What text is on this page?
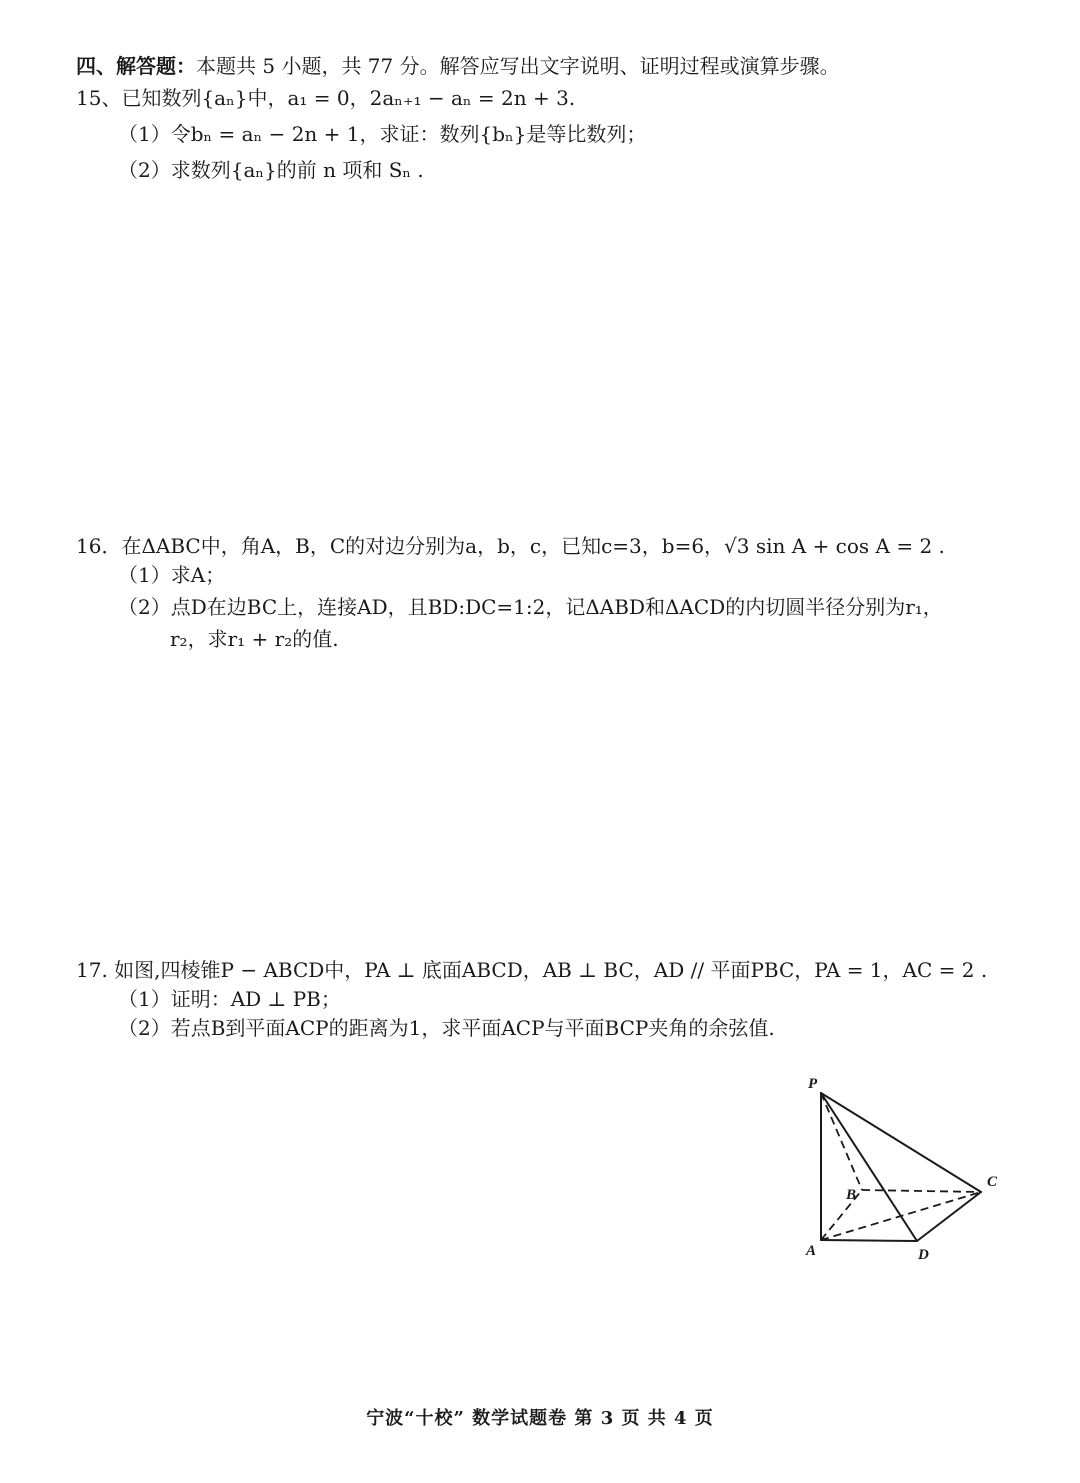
四、解答题：本题共 5 小题，共 77 分。解答应写出文字说明、证明过程或演算步骤。
15、已知数列{aₙ}中，a₁ = 0，2aₙ₊₁ − aₙ = 2n + 3.
（1）令bₙ = aₙ − 2n + 1，求证：数列{bₙ}是等比数列；
（2）求数列{aₙ}的前 n 项和 Sₙ .
16．在ΔABC中，角A，B，C的对边分别为a，b，c，已知c=3，b=6，√3 sin A + cos A = 2 .
（1）求A；
（2）点D在边BC上，连接AD，且BD:DC=1:2，记ΔABD和ΔACD的内切圆半径分别为r₁，
r₂，求r₁ + r₂的值.
17. 如图,四棱锥P − ABCD中，PA ⊥ 底面ABCD，AB ⊥ BC，AD // 平面PBC，PA = 1，AC = 2 .
（1）证明：AD ⊥ PB；
（2）若点B到平面ACP的距离为1，求平面ACP与平面BCP夹角的余弦值.
P
A
B
C
D
宁波“十校” 数学试题卷 第 3 页 共 4 页
